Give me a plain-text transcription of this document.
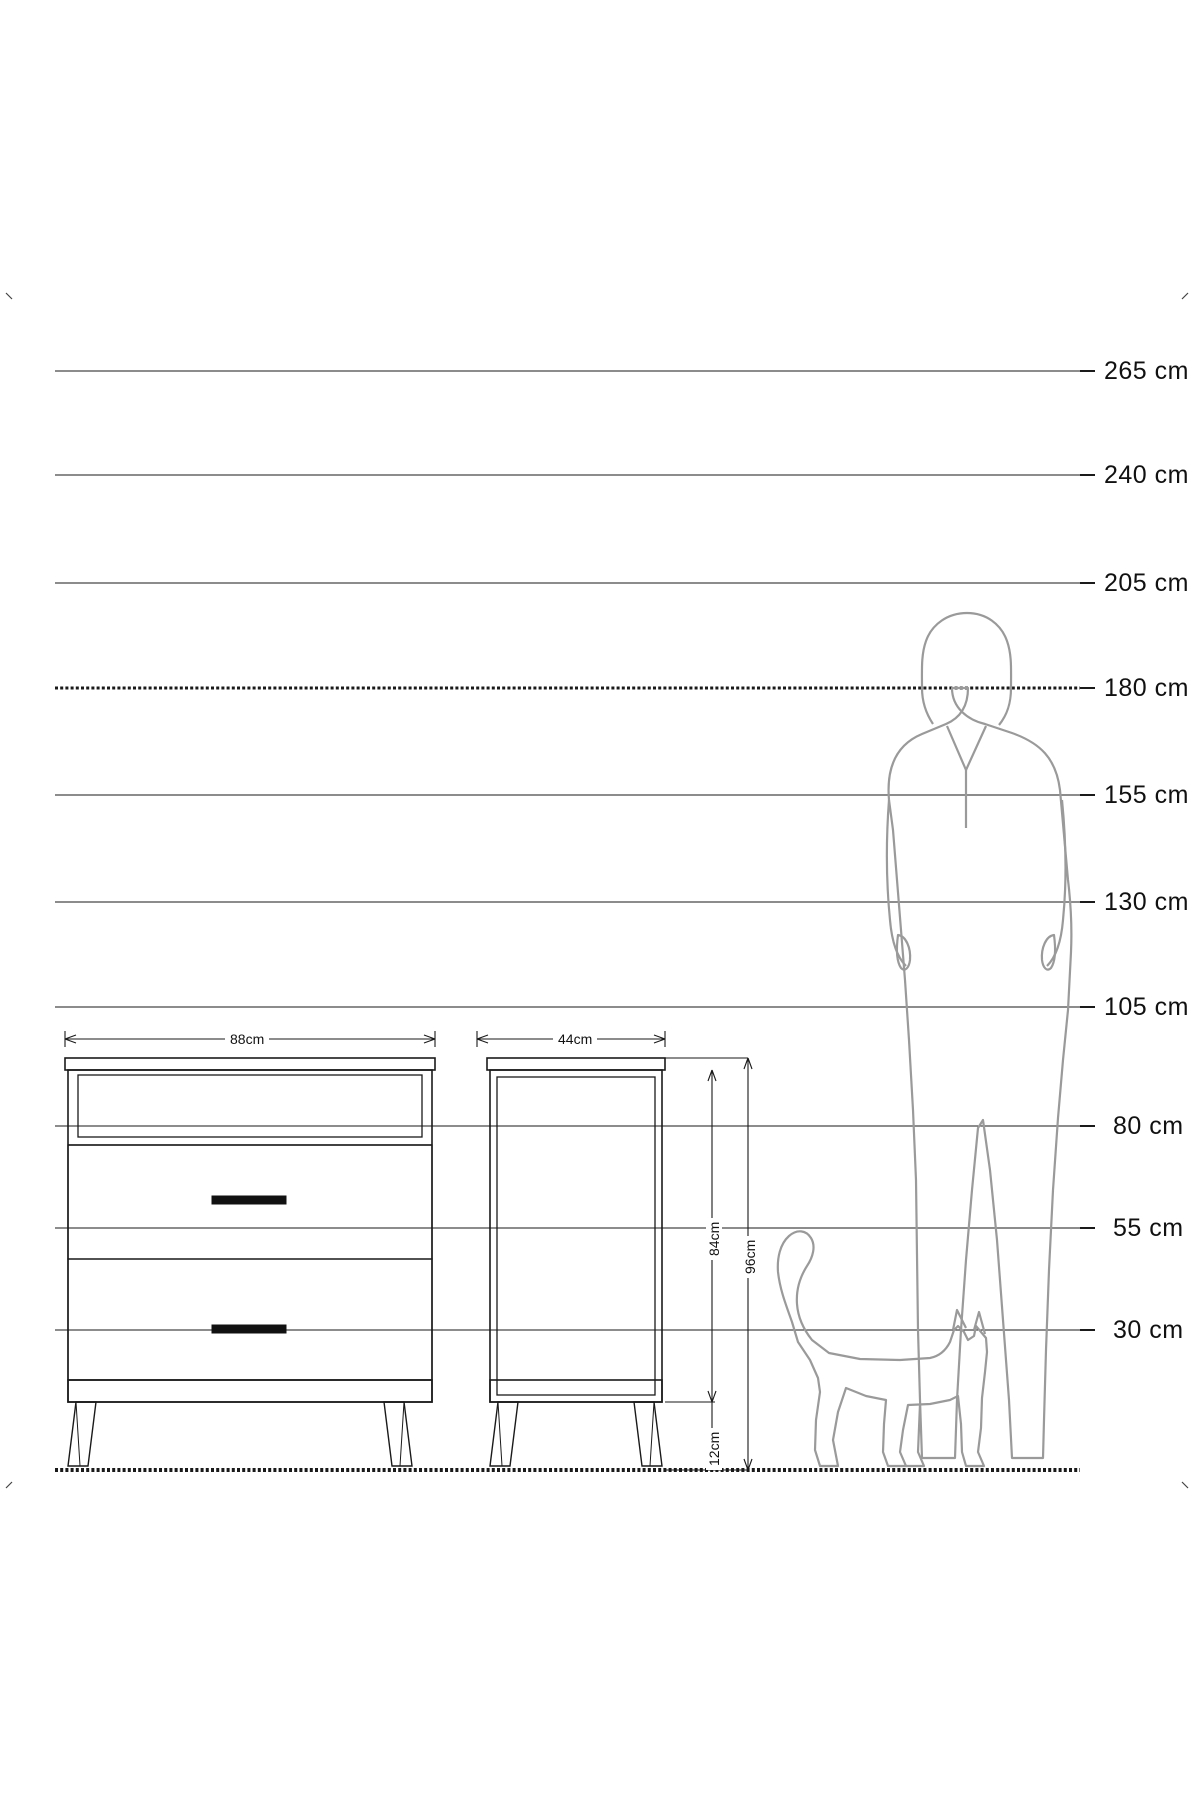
265 cm
240 cm
205 cm
180 cm
155 cm
130 cm
105 cm
80 cm
55 cm
30 cm
88cm	44cm
84cm
96cm
12cm
